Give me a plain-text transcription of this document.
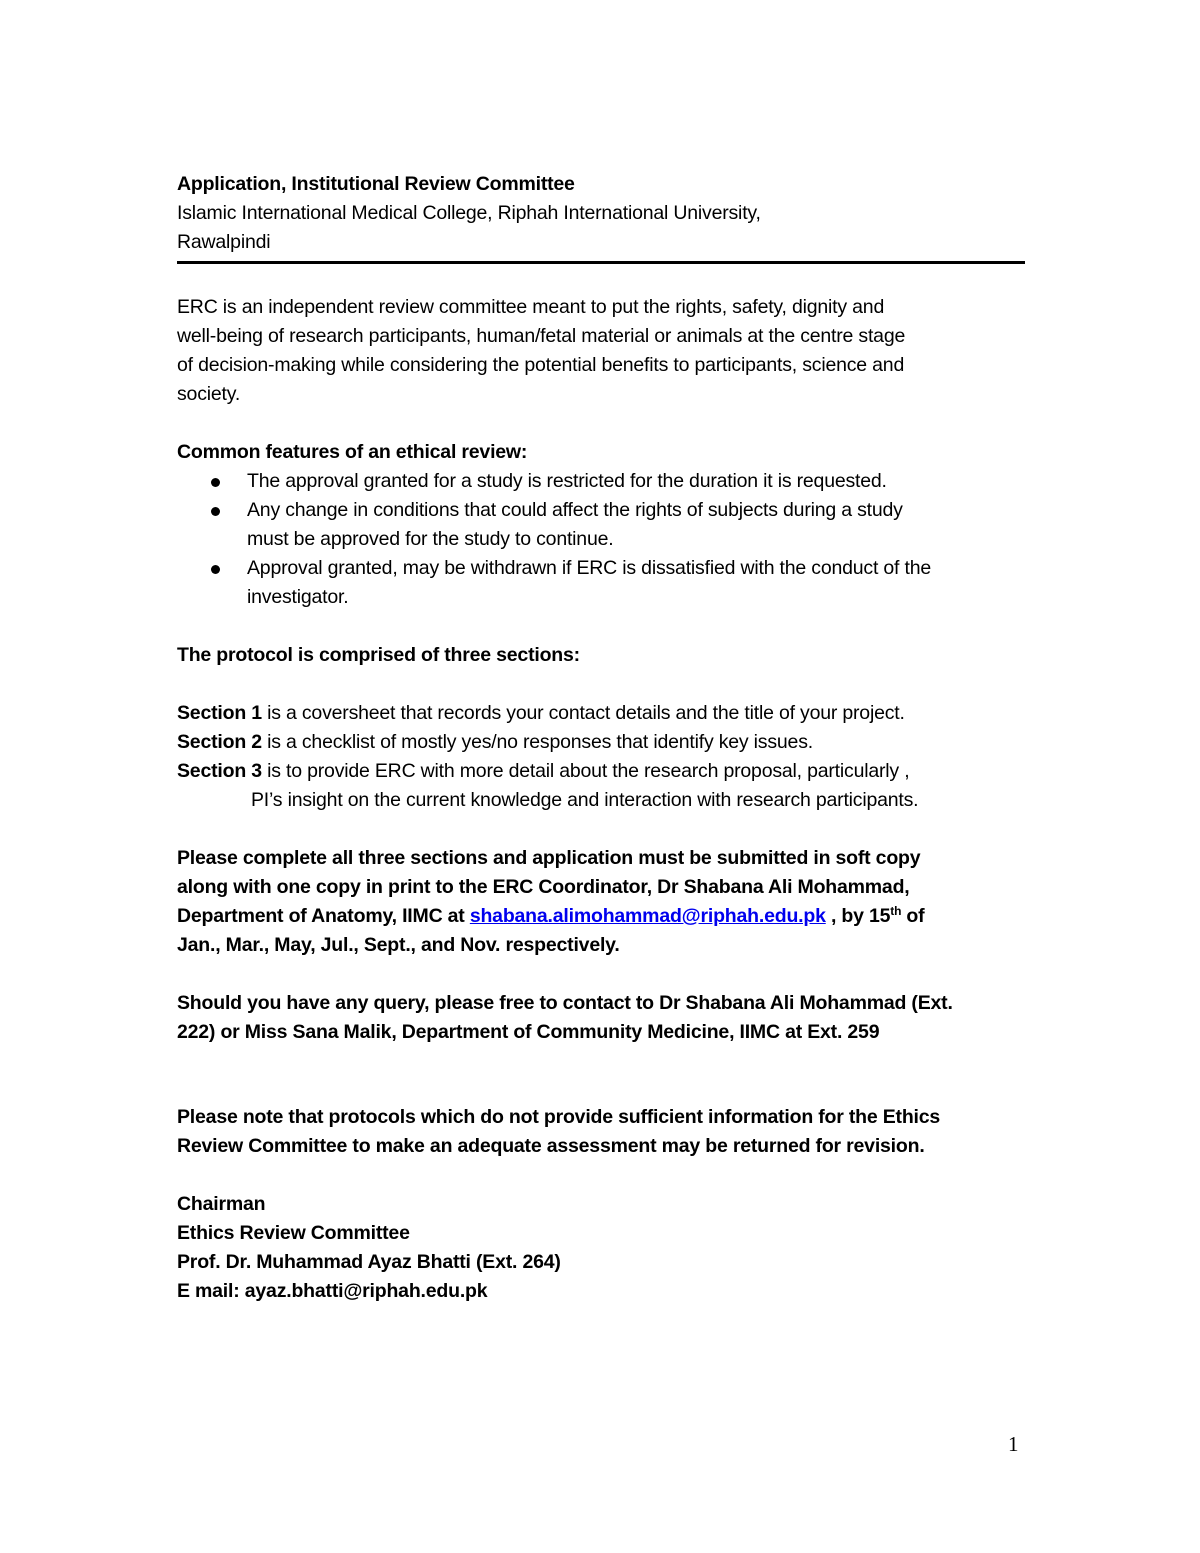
Application, Institutional Review Committee
Islamic International Medical College, Riphah International University,
Rawalpindi
ERC is an independent review committee meant to put the rights, safety, dignity and
well-being of research participants, human/fetal material or animals at the centre stage
of decision-making while considering the potential benefits to participants, science and
society.
Common features of an ethical review:
The approval granted for a study is restricted for the duration it is requested.
Any change in conditions that could affect the rights of subjects during a study
must be approved for the study to continue.
Approval granted, may be withdrawn if ERC is dissatisfied with the conduct of the
investigator.
The protocol is comprised of three sections:
Section 1 is a coversheet that records your contact details and the title of your project.
Section 2 is a checklist of mostly yes/no responses that identify key issues.
Section 3 is to provide ERC with more detail about the research proposal, particularly ,
PI’s insight on the current knowledge and interaction with research participants.
Please complete all three sections and application must be submitted in soft copy
along with one copy in print to the ERC Coordinator, Dr Shabana Ali Mohammad,
Department of Anatomy, IIMC at shabana.alimohammad@riphah.edu.pk , by 15th of
Jan., Mar., May, Jul., Sept., and Nov. respectively.
Should you have any query, please free to contact to Dr Shabana Ali Mohammad (Ext.
222) or Miss Sana Malik, Department of Community Medicine, IIMC at Ext. 259
Please note that protocols which do not provide sufficient information for the Ethics
Review Committee to make an adequate assessment may be returned for revision.
Chairman
Ethics Review Committee
Prof. Dr. Muhammad Ayaz Bhatti (Ext. 264)
E mail: ayaz.bhatti@riphah.edu.pk
1
